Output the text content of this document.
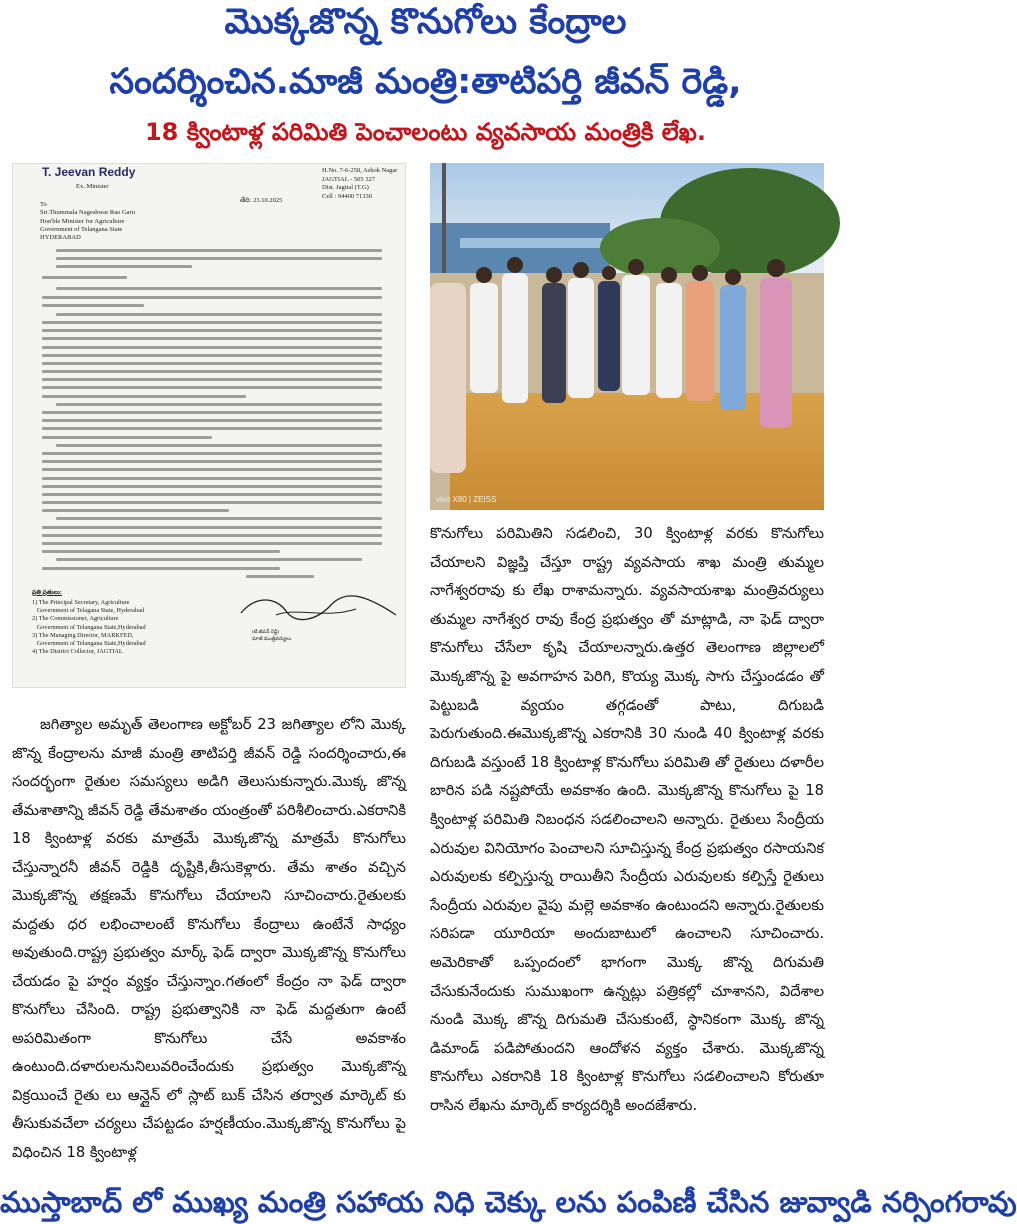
మొక్కజొన్న కొనుగోలు కేంద్రాల
సందర్శించిన.మాజీ మంత్రి:తాటిపర్తి జీవన్ రెడ్డి,
18 క్వింటాళ్ల పరిమితి పెంచాలంటు వ్యవసాయ మంత్రికి లేఖ.
T. Jeevan Reddy
Ex. Minister
H.No. 7-6-258, Ashok Nagar
JAGTIAL - 505 327
Dist. Jagtial (T.G)
Cell : 94400 71330
తేది: 23.10.2025
To
Sri.Thummala Nageshwar Rao Garu
Hon'ble Minister for Agriculture
Government of Telangana State
HYDERABAD
(టి.జీవన్ రెడ్డి)
మాజీ మంత్రివర్యులు
ప్రతి ప్రతులు:
1) The Principal Secretary, Agriculture
Government of Telagana State, Hyderabad
2) The Commissioner, Agriculture
Government of Telangana State,Hyderabad
3) The Managing Director, MARKFED,
Government of Telangana State,Hyderabad
4) The District Collector, JAGTIAL
vivo X80 | ZEISS
జగిత్యాల అమృత్ తెలంగాణ అక్టోబర్ 23 జగిత్యాల లోని మొక్క జొన్న కేంద్రాలను మాజీ మంత్రి తాటిపర్తి జీవన్ రెడ్డి సందర్శించారు,ఈ సందర్భంగా రైతుల సమస్యలు అడిగి తెలుసుకున్నారు.మొక్క జొన్న తేమశాతాన్ని జీవన్ రెడ్డి తేమశాతం యంత్రంతో పరిశీలించారు.ఎకరానికి 18 క్వింటాళ్ల వరకు మాత్రమే మొక్కజొన్న మాత్రమే కొనుగోలు చేస్తున్నారనీ జీవన్ రెడ్డికి దృష్టికి,తీసుకెళ్లారు. తేమ శాతం వచ్చిన మొక్కజొన్న తక్షణమే కొనుగోలు చేయాలని సూచించారు.రైతులకు మద్దతు ధర లభించాలంటే కొనుగోలు కేంద్రాలు ఉంటేనే సాధ్యం అవుతుంది.రాష్ట్ర ప్రభుత్వం మార్క్ ఫెడ్ ద్వారా మొక్కజొన్న కొనుగోలు చేయడం పై హర్షం వ్యక్తం చేస్తున్నాం.గతంలో కేంద్రం నా ఫెడ్ ద్వారా కొనుగోలు చేసింది. రాష్ట్ర ప్రభుత్వానికి నా ఫెడ్ మద్దతుగా ఉంటే అపరిమితంగా కొనుగోలు చేసే అవకాశం ఉంటుంది.దళారులనునిలువరించేందుకు ప్రభుత్వం మొక్కజొన్న విక్రయించే రైతు లు ఆన్లైన్ లో స్లాట్ బుక్ చేసిన తర్వాత మార్కెట్ కు తీసుకువచేలా చర్యలు చేపట్టడం హర్షణీయం.మొక్కజొన్న కొనుగోలు పై విధించిన 18 క్వింటాళ్ల
కొనుగోలు పరిమితిని సడలించి, 30 క్వింటాళ్ల వరకు కొనుగోలు చేయాలని విజ్ఞప్తి చేస్తూ రాష్ట్ర వ్యవసాయ శాఖ మంత్రి తుమ్మల నాగేశ్వరరావు కు లేఖ రాశామన్నారు. వ్యవసాయశాఖ మంత్రివర్యులు తుమ్మల నాగేశ్వర రావు కేంద్ర ప్రభుత్వం తో మాట్లాడి, నా ఫెడ్ ద్వారా కొనుగోలు చేసేలా కృషి చేయాలన్నారు.ఉత్తర తెలంగాణ జిల్లాలలో మొక్కజొన్న పై అవగాహన పెరిగి, కొయ్య మొక్క సాగు చేస్తుండడం తో పెట్టుబడి వ్యయం తగ్గడంతో పాటు, దిగుబడి పెరుగుతుంది.ఈమొక్కజొన్న ఎకరానికి 30 నుండి 40 క్వింటాళ్ల వరకు దిగుబడి వస్తుంటే 18 క్వింటాళ్ల కొనుగోలు పరిమితి తో రైతులు దళారీల బారిన పడి నష్టపోయే అవకాశం ఉంది. మొక్కజొన్న కొనుగోలు పై 18 క్వింటాళ్ల పరిమితి నిబంధన సడలించాలని అన్నారు. రైతులు సేంద్రీయ ఎరువుల వినియోగం పెంచాలని సూచిస్తున్న కేంద్ర ప్రభుత్వం రసాయనిక ఎరువులకు కల్పిస్తున్న రాయితీని సేంద్రీయ ఎరువులకు కల్పిస్తే రైతులు సేంద్రీయ ఎరువుల వైపు మల్లె అవకాశం ఉంటుందని అన్నారు.రైతులకు సరిపడా యూరియా అందుబాటులో ఉంచాలని సూచించారు. అమెరికాతో ఒప్పందంలో భాగంగా మొక్క జొన్న దిగుమతి చేసుకునేందుకు సుముఖంగా ఉన్నట్లు పత్రికల్లో చూశానని, విదేశాల నుండి మొక్క జొన్న దిగుమతి చేసుకుంటే, స్థానికంగా మొక్క జొన్న డిమాండ్ పడిపోతుందని ఆందోళన వ్యక్తం చేశారు. మొక్కజొన్న కొనుగోలు ఎకరానికి 18 క్వింటాళ్ల కొనుగోలు సడలించాలని కోరుతూ రాసిన లేఖను మార్కెట్ కార్యదర్శికి అందజేశారు.
ముస్తాబాద్ లో ముఖ్య మంత్రి సహాయ నిధి చెక్కు లను పంపిణీ చేసిన జువ్వాడి నర్సింగరావు
